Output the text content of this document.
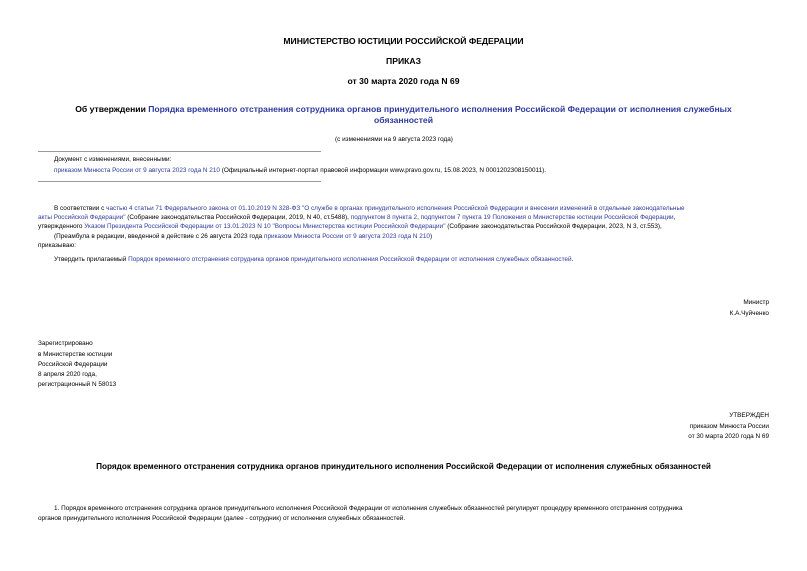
МИНИСТЕРСТВО ЮСТИЦИИ РОССИЙСКОЙ ФЕДЕРАЦИИ
ПРИКАЗ
от 30 марта 2020 года N 69
Об утверждении Порядка временного отстранения сотрудника органов принудительного исполнения Российской Федерации от исполнения служебных
обязанностей
(с изменениями на 9 августа 2023 года)
Документ с изменениями, внесенными:
приказом Минюста России от 9 августа 2023 года N 210 (Официальный интернет-портал правовой информации www.pravo.gov.ru, 15.08.2023, N 0001202308150011).
В соответствии с частью 4 статьи 71 Федерального закона от 01.10.2019 N 328-ФЗ "О службе в органах принудительного исполнения Российской Федерации и внесении изменений в отдельные законодательные
акты Российской Федерации" (Собрание законодательства Российской Федерации, 2019, N 40, ст.5488), подпунктом 8 пункта 2, подпунктом 7 пункта 19 Положения о Министерстве юстиции Российской Федерации,
утвержденного Указом Президента Российской Федерации от 13.01.2023 N 10 "Вопросы Министерства юстиции Российской Федерации" (Собрание законодательства Российской Федерации, 2023, N 3, ст.553),
(Преамбула в редакции, введенной в действие с 26 августа 2023 года приказом Минюста России от 9 августа 2023 года N 210)
приказываю:
Утвердить прилагаемый Порядок временного отстранения сотрудника органов принудительного исполнения Российской Федерации от исполнения служебных обязанностей.
Министр
К.А.Чуйченко
Зарегистрировано
в Министерстве юстиции
Российской Федерации
8 апреля 2020 года,
регистрационный N 58013
УТВЕРЖДЕН
приказом Минюста России
от 30 марта 2020 года N 69
Порядок временного отстранения сотрудника органов принудительного исполнения Российской Федерации от исполнения служебных обязанностей
1. Порядок временного отстранения сотрудника органов принудительного исполнения Российской Федерации от исполнения служебных обязанностей регулирует процедуру временного отстранения сотрудника
органов принудительного исполнения Российской Федерации (далее - сотрудник) от исполнения служебных обязанностей.
